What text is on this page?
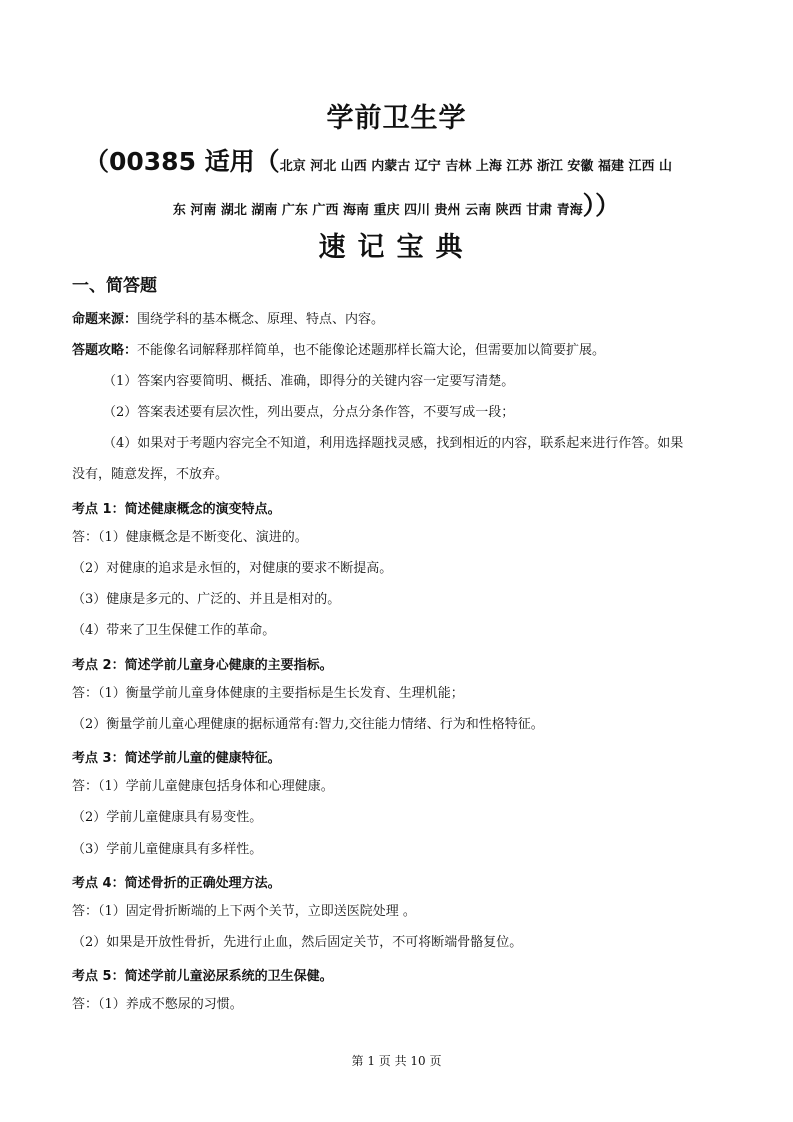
学前卫生学
（00385 适用（北京 河北 山西 内蒙古 辽宁 吉林 上海 江苏 浙江 安徽 福建 江西 山
东 河南 湖北 湖南 广东 广西 海南 重庆 四川 贵州 云南 陕西 甘肃 青海））
速记宝典
一、简答题
命题来源：围绕学科的基本概念、原理、特点、内容。
答题攻略：不能像名词解释那样简单，也不能像论述题那样长篇大论，但需要加以简要扩展。
（1）答案内容要简明、概括、准确，即得分的关键内容一定要写清楚。
（2）答案表述要有层次性，列出要点，分点分条作答，不要写成一段；
（4）如果对于考题内容完全不知道，利用选择题找灵感，找到相近的内容，联系起来进行作答。如果
没有，随意发挥，不放弃。
考点 1：简述健康概念的演变特点。
答：（1）健康概念是不断变化、演进的。
（2）对健康的追求是永恒的，对健康的要求不断提高。
（3）健康是多元的、广泛的、并且是相对的。
（4）带来了卫生保健工作的革命。
考点 2：简述学前儿童身心健康的主要指标。
答：（1）衡量学前儿童身体健康的主要指标是生长发育、生理机能；
（2）衡量学前儿童心理健康的据标通常有:智力,交往能力情绪、行为和性格特征。
考点 3：简述学前儿童的健康特征。
答：（1）学前儿童健康包括身体和心理健康。
（2）学前儿童健康具有易变性。
（3）学前儿童健康具有多样性。
考点 4：简述骨折的正确处理方法。
答：（1）固定骨折断端的上下两个关节，立即送医院处理 。
（2）如果是开放性骨折，先进行止血，然后固定关节，不可将断端骨骼复位。
考点 5：简述学前儿童泌尿系统的卫生保健。
答：（1）养成不憋尿的习惯。
第 1 页 共 10 页
